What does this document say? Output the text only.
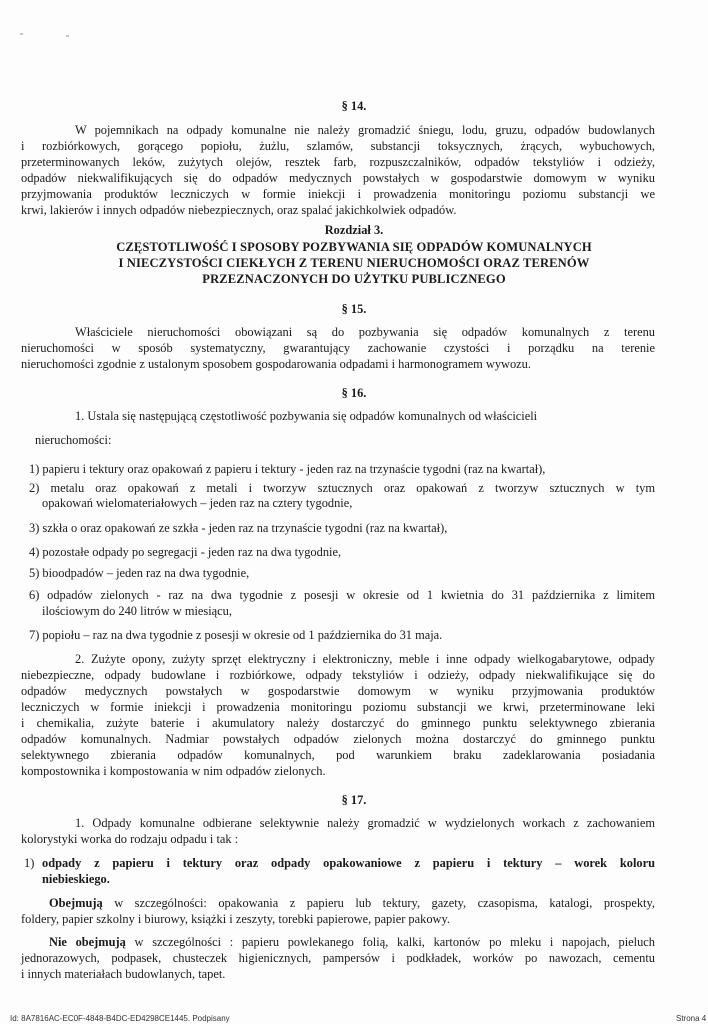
§ 14.

W pojemnikach na odpady komunalne nie należy gromadzić śniegu, lodu, gruzu, odpadów budowlanych

i rozbiórkowych, gorącego popiołu, żużlu, szlamów, substancji toksycznych, żrących, wybuchowych,

przeterminowanych leków, zużytych olejów, resztek farb, rozpuszczalników, odpadów tekstyliów i odzieży,

odpadów niekwalifikujących się do odpadów medycznych powstałych w gospodarstwie domowym w wyniku

przyjmowania produktów leczniczych w formie iniekcji i prowadzenia monitoringu poziomu substancji we

krwi, lakierów i innych odpadów niebezpiecznych, oraz spalać jakichkolwiek odpadów.

Rozdział 3.

CZĘSTOTLIWOŚĆ I SPOSOBY POZBYWANIA SIĘ ODPADÓW KOMUNALNYCH

I NIECZYSTOŚCI CIEKŁYCH Z TERENU NIERUCHOMOŚCI ORAZ TERENÓW

PRZEZNACZONYCH DO UŻYTKU PUBLICZNEGO

§ 15.

Właściciele nieruchomości obowiązani są do pozbywania się odpadów komunalnych z terenu

nieruchomości w sposób systematyczny, gwarantujący zachowanie czystości i porządku na terenie

nieruchomości zgodnie z ustalonym sposobem gospodarowania odpadami i harmonogramem wywozu.

§ 16.

1. Ustala się następującą częstotliwość pozbywania się odpadów komunalnych od właścicieli

nieruchomości:

1) papieru i tektury oraz opakowań z papieru i tektury - jeden raz na trzynaście tygodni (raz na kwartał),

2) metalu oraz opakowań z metali i tworzyw sztucznych oraz opakowań z tworzyw sztucznych w tym

opakowań wielomateriałowych – jeden raz na cztery tygodnie,

3) szkła o oraz opakowań ze szkła - jeden raz na trzynaście tygodni (raz na kwartał),

4) pozostałe odpady po segregacji - jeden raz na dwa tygodnie,

5) bioodpadów – jeden raz na dwa tygodnie,

6) odpadów zielonych - raz na dwa tygodnie z posesji w okresie od 1 kwietnia do 31 października z limitem

ilościowym do 240 litrów w miesiącu,

7) popiołu – raz na dwa tygodnie z posesji w okresie od 1 października do 31 maja.

2. Zużyte opony, zużyty sprzęt elektryczny i elektroniczny, meble i inne odpady wielkogabarytowe, odpady

niebezpieczne, odpady budowlane i rozbiórkowe, odpady tekstyliów i odzieży, odpady niekwalifikujące się do

odpadów medycznych powstałych w gospodarstwie domowym w wyniku przyjmowania produktów

leczniczych w formie iniekcji i prowadzenia monitoringu poziomu substancji we krwi, przeterminowane leki

i chemikalia, zużyte baterie i akumulatory należy dostarczyć do gminnego punktu selektywnego zbierania

odpadów komunalnych. Nadmiar powstałych odpadów zielonych można dostarczyć do gminnego punktu

selektywnego zbierania odpadów komunalnych, pod warunkiem braku zadeklarowania posiadania

kompostownika i kompostowania w nim odpadów zielonych.

§ 17.

1. Odpady komunalne odbierane selektywnie należy gromadzić w wydzielonych workach z zachowaniem

kolorystyki worka do rodzaju odpadu i tak :

1) odpady z papieru i tektury oraz odpady opakowaniowe z papieru i tektury – worek koloru

niebieskiego.

Obejmują w szczególności: opakowania z papieru lub tektury, gazety, czasopisma, katalogi, prospekty,

foldery, papier szkolny i biurowy, książki i zeszyty, torebki papierowe, papier pakowy.

Nie obejmują w szczególności : papieru powlekanego folią, kalki, kartonów po mleku i napojach, pieluch

jednorazowych, podpasek, chusteczek higienicznych, pampersów i podkładek, worków po nawozach, cementu

i innych materiałach budowlanych, tapet.

Id: 8A7816AC-EC0F-4848-B4DC-ED4298CE1445. Podpisany	Strona 4
